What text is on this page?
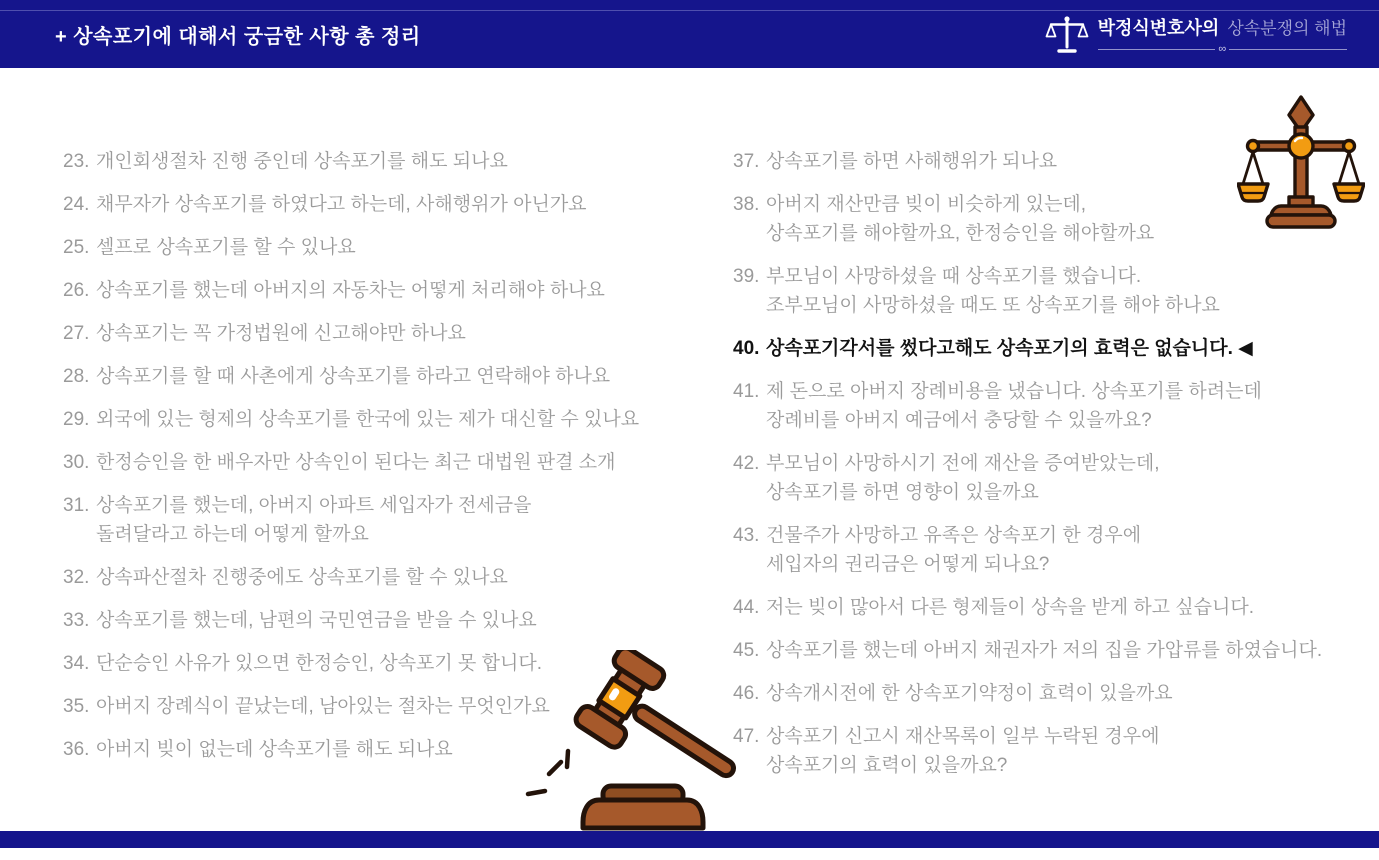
+ 상속포기에 대해서 궁금한 사항 총 정리	박정식변호사의 상속분쟁의 해법
∞
23. 개인회생절차 진행 중인데 상속포기를 해도 되나요
24. 채무자가 상속포기를 하였다고 하는데, 사해행위가 아닌가요
25. 셀프로 상속포기를 할 수 있나요
26. 상속포기를 했는데 아버지의 자동차는 어떻게 처리해야 하나요
27. 상속포기는 꼭 가정법원에 신고해야만 하나요
28. 상속포기를 할 때 사촌에게 상속포기를 하라고 연락해야 하나요
29. 외국에 있는 형제의 상속포기를 한국에 있는 제가 대신할 수 있나요
30. 한정승인을 한 배우자만 상속인이 된다는 최근 대법원 판결 소개
31. 상속포기를 했는데, 아버지 아파트 세입자가 전세금을
돌려달라고 하는데 어떻게 할까요
32. 상속파산절차 진행중에도 상속포기를 할 수 있나요
33. 상속포기를 했는데, 남편의 국민연금을 받을 수 있나요
34. 단순승인 사유가 있으면 한정승인, 상속포기 못 합니다.
35. 아버지 장례식이 끝났는데, 남아있는 절차는 무엇인가요
36. 아버지 빚이 없는데 상속포기를 해도 되나요
37. 상속포기를 하면 사해행위가 되나요
38. 아버지 재산만큼 빚이 비슷하게 있는데,
상속포기를 해야할까요, 한정승인을 해야할까요
39. 부모님이 사망하셨을 때 상속포기를 했습니다.
조부모님이 사망하셨을 때도 또 상속포기를 해야 하나요
40. 상속포기각서를 썼다고해도 상속포기의 효력은 없습니다. ◀
41. 제 돈으로 아버지 장례비용을 냈습니다. 상속포기를 하려는데
장례비를 아버지 예금에서 충당할 수 있을까요?
42. 부모님이 사망하시기 전에 재산을 증여받았는데,
상속포기를 하면 영향이 있을까요
43. 건물주가 사망하고 유족은 상속포기 한 경우에
세입자의 권리금은 어떻게 되나요?
44. 저는 빚이 많아서 다른 형제들이 상속을 받게 하고 싶습니다.
45. 상속포기를 했는데 아버지 채권자가 저의 집을 가압류를 하였습니다.
46. 상속개시전에 한 상속포기약정이 효력이 있을까요
47. 상속포기 신고시 재산목록이 일부 누락된 경우에
상속포기의 효력이 있을까요?
